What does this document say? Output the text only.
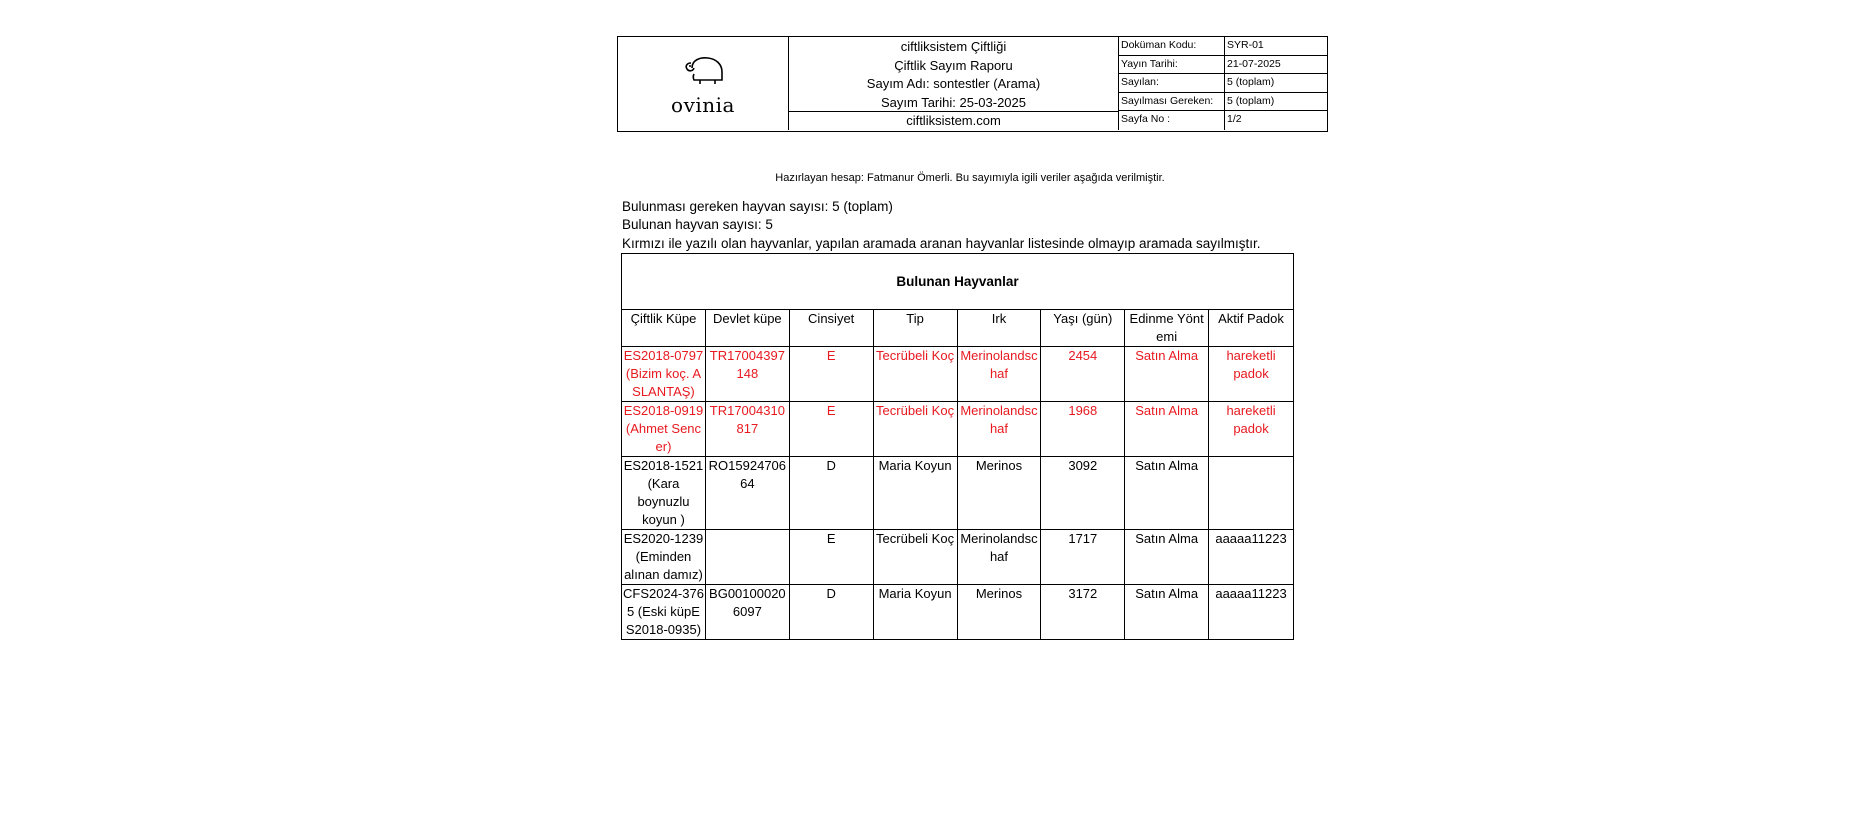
ovinia
ciftliksistem Çiftliği
Çiftlik Sayım Raporu
Sayım Adı: sontestler (Arama)
Sayım Tarihi: 25-03-2025
ciftliksistem.com
Doküman Kodu:	SYR-01
Yayın Tarihi:	21-07-2025
Sayılan:	5 (toplam)
Sayılması Gereken:	5 (toplam)
Sayfa No :	1/2
Hazırlayan hesap: Fatmanur Ömerli. Bu sayımıyla igili veriler aşağıda verilmiştir.
Bulunması gereken hayvan sayısı: 5 (toplam)
Bulunan hayvan sayısı: 5
Kırmızı ile yazılı olan hayvanlar, yapılan aramada aranan hayvanlar listesinde olmayıp aramada sayılmıştır.
Bulunan Hayvanlar							
Çiftlik Küpe	Devlet küpe	Cinsiyet	Tip	Irk	Yaşı (gün)	Edinme Yöntemi	Aktif Padok
ES2018-0797 (Bizim koç. ASLANTAŞ)	TR17004397148	E	Tecrübeli Koç	Merinolandschaf	2454	Satın Alma	hareketli padok
ES2018-0919 (Ahmet Sencer)	TR17004310817	E	Tecrübeli Koç	Merinolandschaf	1968	Satın Alma	hareketli padok
ES2018-1521 (Kara boynuzlu koyun )	RO1592470664	D	Maria Koyun	Merinos	3092	Satın Alma	
ES2020-1239 (Eminden alınan damız)		E	Tecrübeli Koç	Merinolandschaf	1717	Satın Alma	aaaaa11223
CFS2024-3765 (Eski küpES2018-0935)	BG001000206097	D	Maria Koyun	Merinos	3172	Satın Alma	aaaaa11223
